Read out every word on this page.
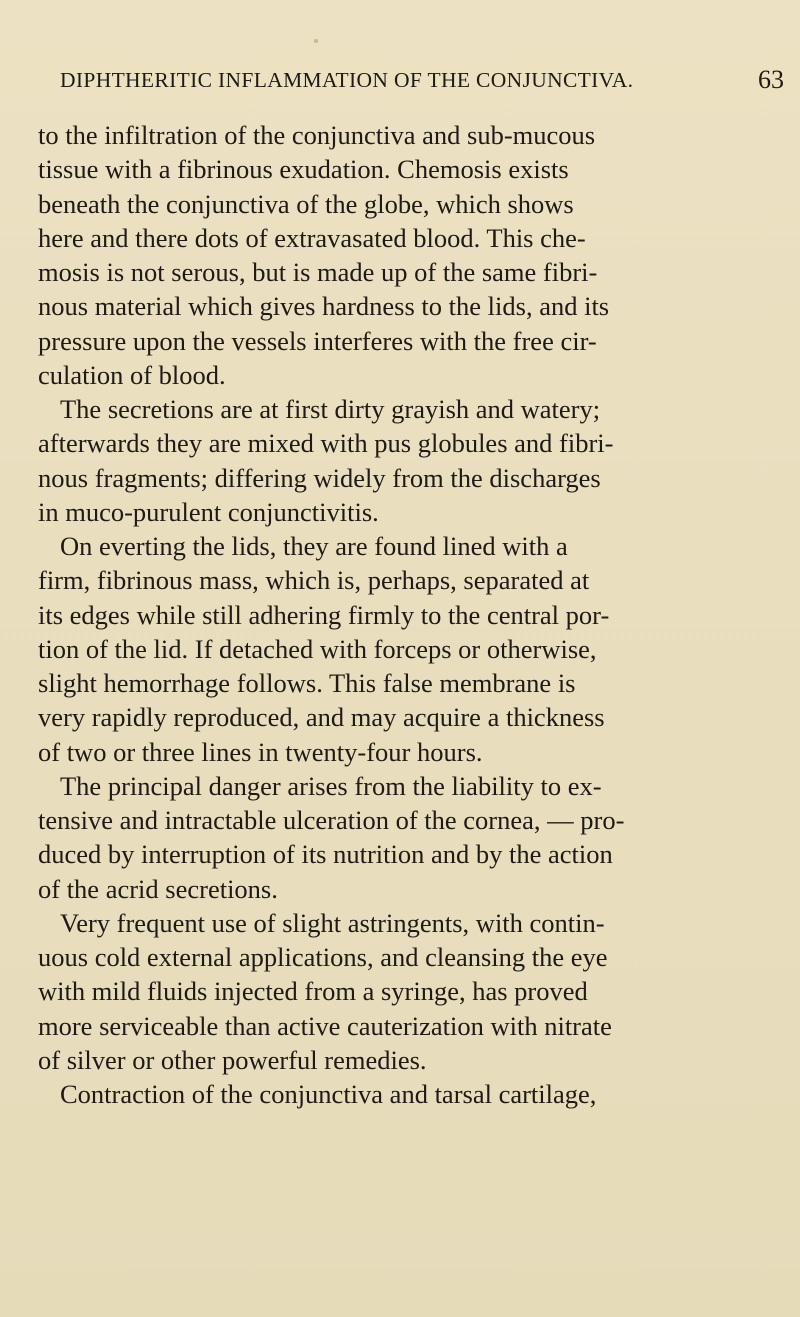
DIPHTHERITIC INFLAMMATION OF THE CONJUNCTIVA.	63
to the infiltration of the conjunctiva and sub-mucous
tissue with a fibrinous exudation. Chemosis exists
beneath the conjunctiva of the globe, which shows
here and there dots of extravasated blood. This che-
mosis is not serous, but is made up of the same fibri-
nous material which gives hardness to the lids, and its
pressure upon the vessels interferes with the free cir-
culation of blood.
The secretions are at first dirty grayish and watery;
afterwards they are mixed with pus globules and fibri-
nous fragments; differing widely from the discharges
in muco-purulent conjunctivitis.
On everting the lids, they are found lined with a
firm, fibrinous mass, which is, perhaps, separated at
its edges while still adhering firmly to the central por-
tion of the lid. If detached with forceps or otherwise,
slight hemorrhage follows. This false membrane is
very rapidly reproduced, and may acquire a thickness
of two or three lines in twenty-four hours.
The principal danger arises from the liability to ex-
tensive and intractable ulceration of the cornea, — pro-
duced by interruption of its nutrition and by the action
of the acrid secretions.
Very frequent use of slight astringents, with contin-
uous cold external applications, and cleansing the eye
with mild fluids injected from a syringe, has proved
more serviceable than active cauterization with nitrate
of silver or other powerful remedies.
Contraction of the conjunctiva and tarsal cartilage,
